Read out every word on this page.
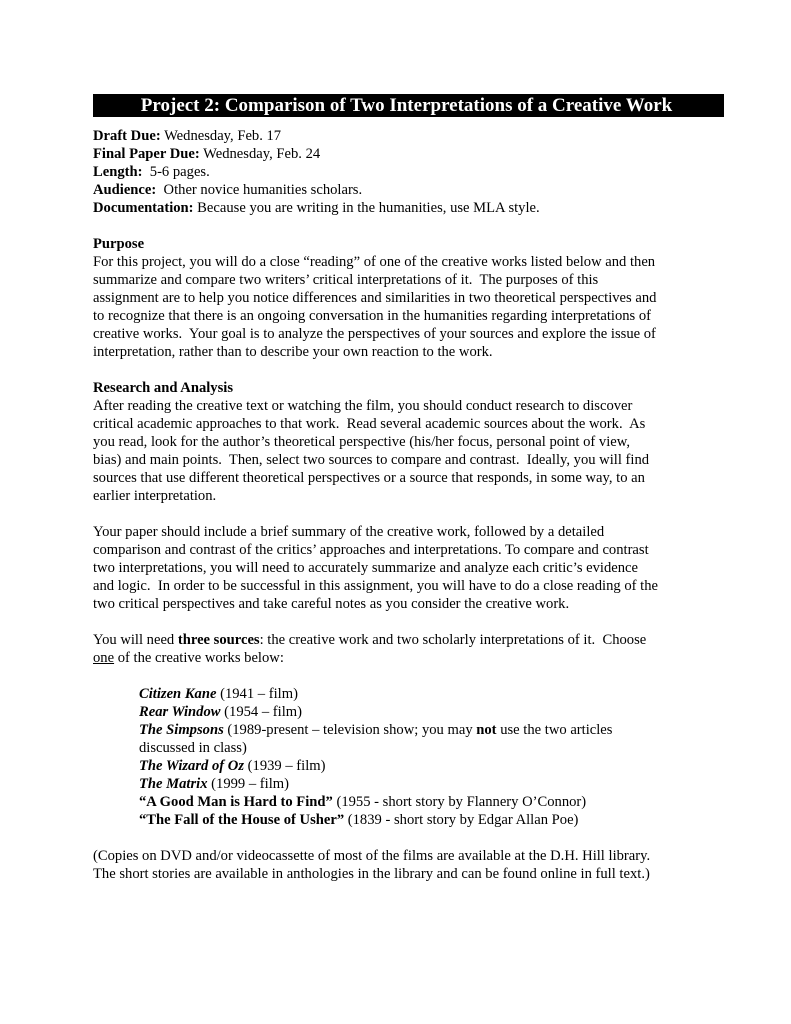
Project 2: Comparison of Two Interpretations of a Creative Work
Draft Due: Wednesday, Feb. 17
Final Paper Due: Wednesday, Feb. 24
Length:  5-6 pages.
Audience:  Other novice humanities scholars.
Documentation: Because you are writing in the humanities, use MLA style.
Purpose
For this project, you will do a close “reading” of one of the creative works listed below and then
summarize and compare two writers’ critical interpretations of it.  The purposes of this
assignment are to help you notice differences and similarities in two theoretical perspectives and
to recognize that there is an ongoing conversation in the humanities regarding interpretations of
creative works.  Your goal is to analyze the perspectives of your sources and explore the issue of
interpretation, rather than to describe your own reaction to the work.
Research and Analysis
After reading the creative text or watching the film, you should conduct research to discover
critical academic approaches to that work.  Read several academic sources about the work.  As
you read, look for the author’s theoretical perspective (his/her focus, personal point of view,
bias) and main points.  Then, select two sources to compare and contrast.  Ideally, you will find
sources that use different theoretical perspectives or a source that responds, in some way, to an
earlier interpretation.
Your paper should include a brief summary of the creative work, followed by a detailed
comparison and contrast of the critics’ approaches and interpretations. To compare and contrast
two interpretations, you will need to accurately summarize and analyze each critic’s evidence
and logic.  In order to be successful in this assignment, you will have to do a close reading of the
two critical perspectives and take careful notes as you consider the creative work.
You will need three sources: the creative work and two scholarly interpretations of it.  Choose
one of the creative works below:
Citizen Kane (1941 – film)
Rear Window (1954 – film)
The Simpsons (1989-present – television show; you may not use the two articles
discussed in class)
The Wizard of Oz (1939 – film)
The Matrix (1999 – film)
“A Good Man is Hard to Find” (1955 - short story by Flannery O’Connor)
“The Fall of the House of Usher” (1839 - short story by Edgar Allan Poe)
(Copies on DVD and/or videocassette of most of the films are available at the D.H. Hill library.
The short stories are available in anthologies in the library and can be found online in full text.)
